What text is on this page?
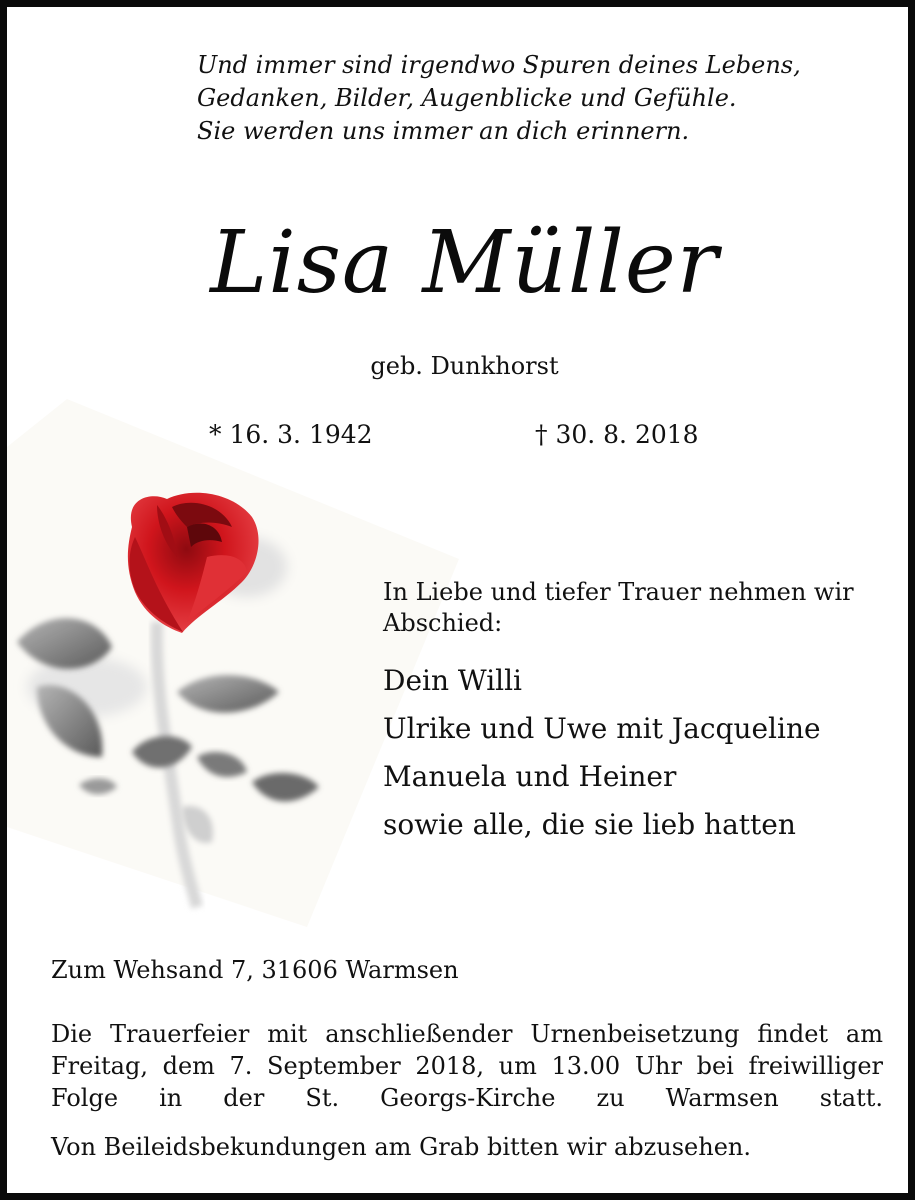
Und immer sind irgendwo Spuren deines Lebens,
Gedanken, Bilder, Augenblicke und Gefühle.
Sie werden uns immer an dich erinnern.
Lisa Müller
geb. Dunkhorst
* 16. 3. 1942	† 30. 8. 2018
In Liebe und tiefer Trauer nehmen wir Abschied:
Dein Willi
Ulrike und Uwe mit Jacqueline
Manuela und Heiner
sowie alle, die sie lieb hatten
Zum Wehsand 7, 31606 Warmsen
Die Trauerfeier mit anschließender Urnenbeisetzung findet am Freitag, dem 7. September 2018, um 13.00 Uhr bei freiwilliger Folge in der St. Georgs-Kirche zu Warmsen statt.
Von Beileidsbekundungen am Grab bitten wir abzusehen.
